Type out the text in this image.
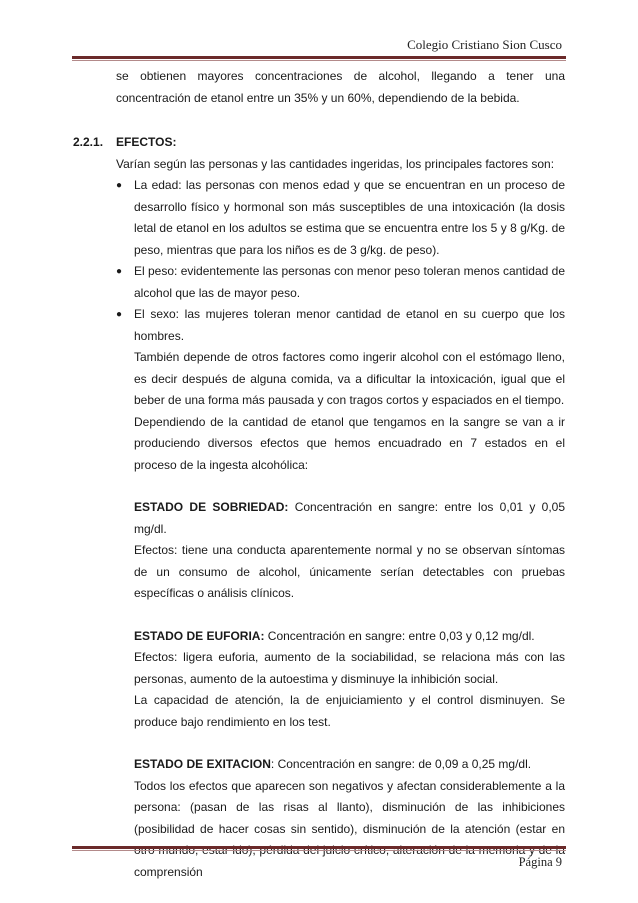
Colegio Cristiano Sion Cusco

se obtienen mayores concentraciones de alcohol, llegando a tener una concentración de etanol entre un 35% y un 60%, dependiendo de la bebida.

2.2.1.	EFECTOS:

Varían según las personas y las cantidades ingeridas, los principales factores son:

● La edad: las personas con menos edad y que se encuentran en un proceso de desarrollo físico y hormonal son más susceptibles de una intoxicación (la dosis letal de etanol en los adultos se estima que se encuentra entre los 5 y 8 g/Kg. de peso, mientras que para los niños es de 3 g/kg. de peso).
● El peso: evidentemente las personas con menor peso toleran menos cantidad de alcohol que las de mayor peso.
● El sexo: las mujeres toleran menor cantidad de etanol en su cuerpo que los hombres.

También depende de otros factores como ingerir alcohol con el estómago lleno, es decir después de alguna comida, va a dificultar la intoxicación, igual que el beber de una forma más pausada y con tragos cortos y espaciados en el tiempo.

Dependiendo de la cantidad de etanol que tengamos en la sangre se van a ir produciendo diversos efectos que hemos encuadrado en 7 estados en el proceso de la ingesta alcohólica:

ESTADO DE SOBRIEDAD: Concentración en sangre: entre los 0,01 y 0,05 mg/dl.

Efectos: tiene una conducta aparentemente normal y no se observan síntomas de un consumo de alcohol, únicamente serían detectables con pruebas específicas o análisis clínicos.

ESTADO DE EUFORIA: Concentración en sangre: entre 0,03 y 0,12 mg/dl.

Efectos: ligera euforia, aumento de la sociabilidad, se relaciona más con las personas, aumento de la autoestima y disminuye la inhibición social.

La capacidad de atención, la de enjuiciamiento y el control disminuyen. Se produce bajo rendimiento en los test.

ESTADO DE EXITACION: Concentración en sangre: de 0,09 a 0,25 mg/dl.

Todos los efectos que aparecen son negativos y afectan considerablemente a la persona: (pasan de las risas al llanto), disminución de las inhibiciones (posibilidad de hacer cosas sin sentido), disminución de la atención (estar en comprensión

Página 9
